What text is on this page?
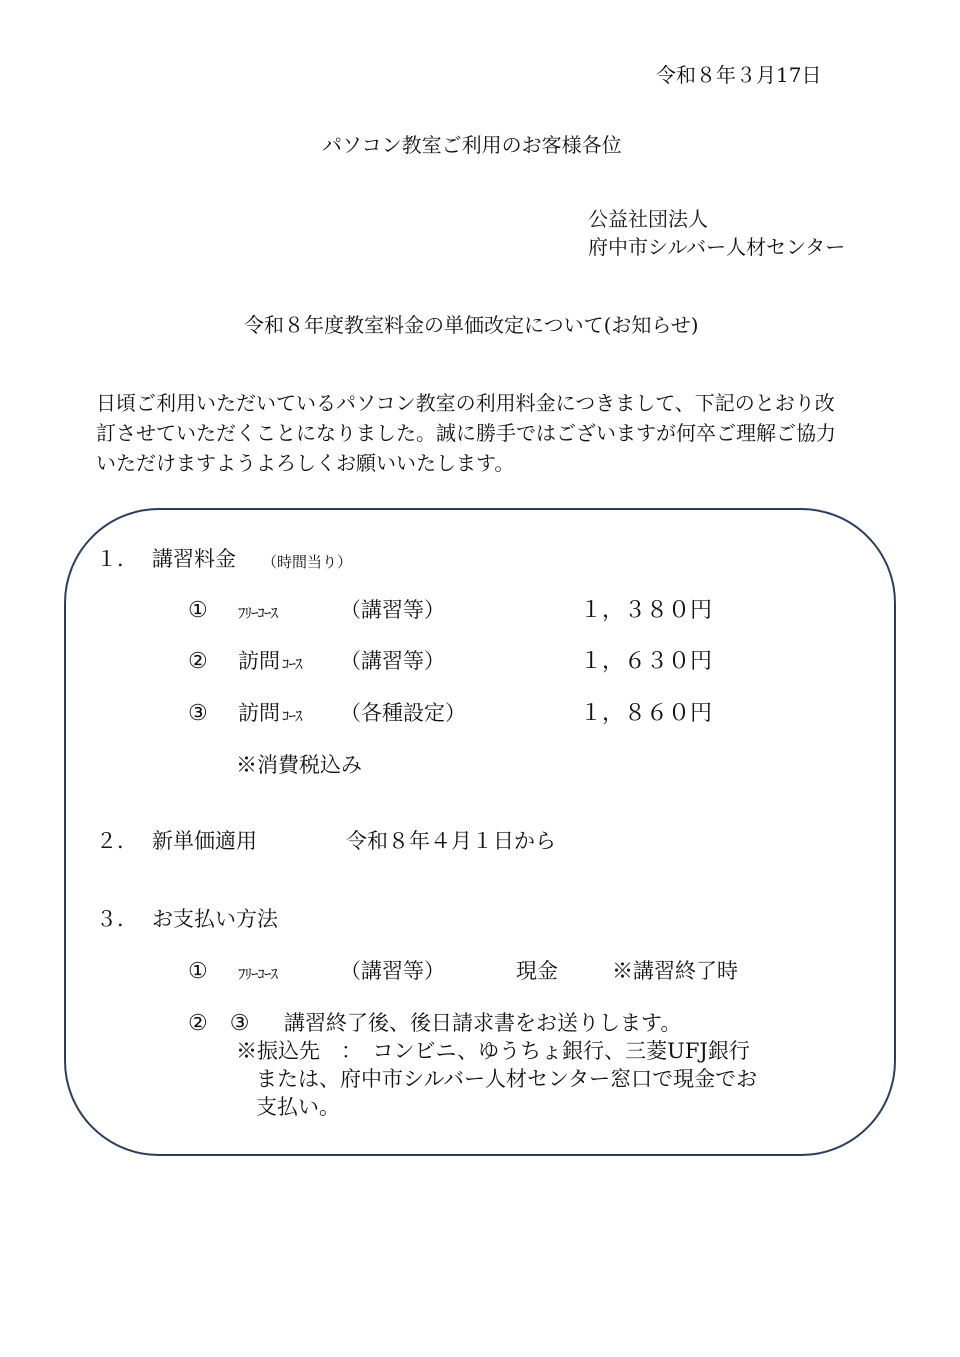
令和８年３月17日
パソコン教室ご利用のお客様各位
公益社団法人
府中市シルバー人材センター
令和８年度教室料金の単価改定について(お知らせ)
日頃ご利用いただいているパソコン教室の利用料金につきまして、下記のとおり改
訂させていただくことになりました。誠に勝手ではございますが何卒ご理解ご協力
いただけますようよろしくお願いいたします。
１． 講習料金 （時間当り）
① ﾌﾘｰｺｰｽ	（講習等）	１，３８０円
② 訪問 ｺｰｽ （講習等）	１，６３０円
③ 訪問 ｺｰｽ （各種設定）	１，８６０円
※消費税込み
２． 新単価適用	令和８年４月１日から
３． お支払い方法
① ﾌﾘｰｺｰｽ	（講習等）	現金	※講習終了時
②　③ 講習終了後、後日請求書をお送りします。
※振込先　：　コンビニ、ゆうちょ銀行、三菱UFJ銀行
または、府中市シルバー人材センター窓口で現金でお
支払い。
